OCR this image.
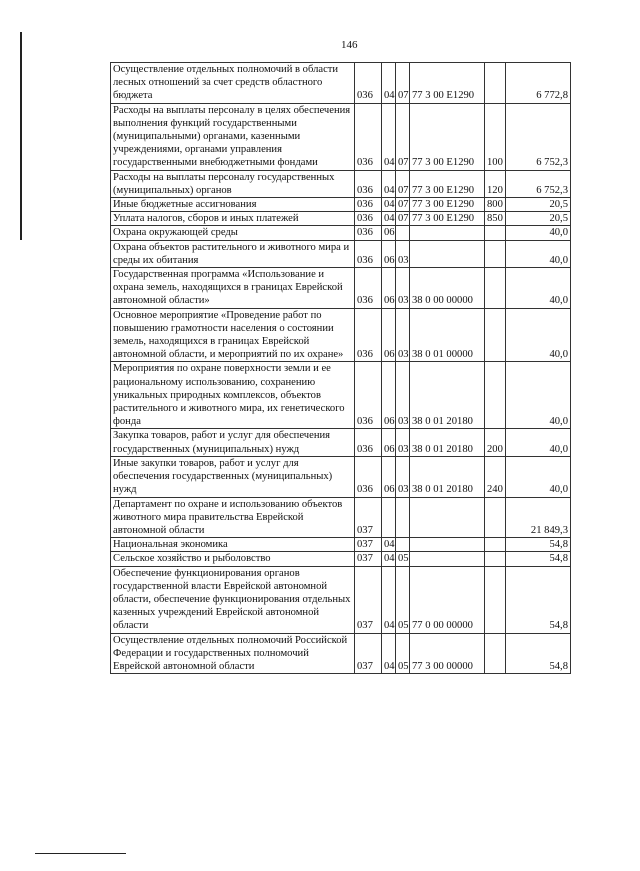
146
Осуществление отдельных полномочий в области лесных отношений за счет средств областного бюджета	036	04	07	77 3 00 E1290		6 772,8
Расходы на выплаты персоналу в целях обеспечения выполнения функций государственными (муниципальными) органами, казенными учреждениями, органами управления государственными внебюджетными фондами	036	04	07	77 3 00 E1290	100	6 752,3
Расходы на выплаты персоналу государственных (муниципальных) органов	036	04	07	77 3 00 E1290	120	6 752,3
Иные бюджетные ассигнования	036	04	07	77 3 00 E1290	800	20,5
Уплата налогов, сборов и иных платежей	036	04	07	77 3 00 E1290	850	20,5
Охрана окружающей среды	036	06				40,0
Охрана объектов растительного и животного мира и среды их обитания	036	06	03			40,0
Государственная программа «Использование и охрана земель, находящихся в границах Еврейской автономной области»	036	06	03	38 0 00 00000		40,0
Основное мероприятие «Проведение работ по повышению грамотности населения о состоянии земель, находящихся в границах Еврейской автономной области, и мероприятий по их охране»	036	06	03	38 0 01 00000		40,0
Мероприятия по охране поверхности земли и ее рациональному использованию, сохранению уникальных природных комплексов, объектов растительного и животного мира, их генетического фонда	036	06	03	38 0 01 20180		40,0
Закупка товаров, работ и услуг для обеспечения государственных (муниципальных) нужд	036	06	03	38 0 01 20180	200	40,0
Иные закупки товаров, работ и услуг для обеспечения государственных (муниципальных) нужд	036	06	03	38 0 01 20180	240	40,0
Департамент по охране и использованию объектов животного мира правительства Еврейской автономной области	037					21 849,3
Национальная экономика	037	04				54,8
Сельское хозяйство и рыболовство	037	04	05			54,8
Обеспечение функционирования органов государственной власти Еврейской автономной области, обеспечение функционирования отдельных казенных учреждений Еврейской автономной области	037	04	05	77 0 00 00000		54,8
Осуществление отдельных полномочий Российской Федерации и государственных полномочий Еврейской автономной области	037	04	05	77 3 00 00000		54,8
